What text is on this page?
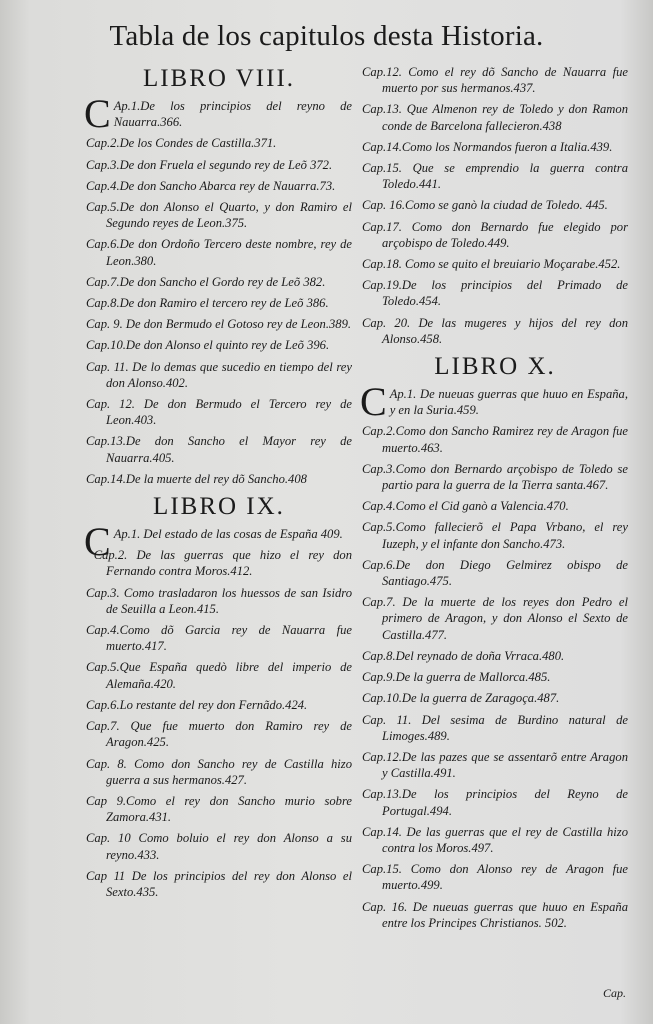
Tabla de los capitulos desta Historia.
LIBRO VIII.
C Ap.1.De los principios del reyno de Nauarra.366.
Cap.2.De los Condes de Castilla.371.
Cap.3.De don Fruela el segundo rey de Leõ 372.
Cap.4.De don Sancho Abarca rey de Nauarra.73.
Cap.5.De don Alonso el Quarto, y don Ramiro el Segundo reyes de Leon.375.
Cap.6.De don Ordoño Tercero deste nombre, rey de Leon.380.
Cap.7.De don Sancho el Gordo rey de Leõ 382.
Cap.8.De don Ramiro el tercero rey de Leõ 386.
Cap. 9. De don Bermudo el Gotoso rey de Leon.389.
Cap.10.De don Alonso el quinto rey de Leõ 396.
Cap. 11. De lo demas que sucedio en tiempo del rey don Alonso.402.
Cap. 12. De don Bermudo el Tercero rey de Leon.403.
Cap.13.De don Sancho el Mayor rey de Nauarra.405.
Cap.14.De la muerte del rey dõ Sancho.408
LIBRO IX.
C Ap.1. Del estado de las cosas de España 409.
Cap.2. De las guerras que hizo el rey don Fernando contra Moros.412.
Cap.3. Como trasladaron los huessos de san Isidro de Seuilla a Leon.415.
Cap.4.Como dõ Garcia rey de Nauarra fue muerto.417.
Cap.5.Que España quedò libre del imperio de Alemaña.420.
Cap.6.Lo restante del rey don Fernãdo.424.
Cap.7. Que fue muerto don Ramiro rey de Aragon.425.
Cap. 8. Como don Sancho rey de Castilla hizo guerra a sus hermanos.427.
Cap 9.Como el rey don Sancho murio sobre Zamora.431.
Cap. 10 Como boluio el rey don Alonso a su reyno.433.
Cap 11 De los principios del rey don Alonso el Sexto.435.
Cap.12. Como el rey dõ Sancho de Nauarra fue muerto por sus hermanos.437.
Cap.13. Que Almenon rey de Toledo y don Ramon conde de Barcelona fallecieron.438
Cap.14.Como los Normandos fueron a Italia.439.
Cap.15. Que se emprendio la guerra contra Toledo.441.
Cap. 16.Como se ganò la ciudad de Toledo. 445.
Cap.17. Como don Bernardo fue elegido por arçobispo de Toledo.449.
Cap.18. Como se quito el breuiario Moçarabe.452.
Cap.19.De los principios del Primado de Toledo.454.
Cap. 20. De las mugeres y hijos del rey don Alonso.458.
LIBRO X.
C Ap.1. De nueuas guerras que huuo en España, y en la Suria.459.
Cap.2.Como don Sancho Ramirez rey de Aragon fue muerto.463.
Cap.3.Como don Bernardo arçobispo de Toledo se partio para la guerra de la Tierra santa.467.
Cap.4.Como el Cid ganò a Valencia.470.
Cap.5.Como fallecierõ el Papa Vrbano, el rey Iuzeph, y el infante don Sancho.473.
Cap.6.De don Diego Gelmirez obispo de Santiago.475.
Cap.7. De la muerte de los reyes don Pedro el primero de Aragon, y don Alonso el Sexto de Castilla.477.
Cap.8.Del reynado de doña Vrraca.480.
Cap.9.De la guerra de Mallorca.485.
Cap.10.De la guerra de Zaragoça.487.
Cap. 11. Del sesima de Burdino natural de Limoges.489.
Cap.12.De las pazes que se assentarõ entre Aragon y Castilla.491.
Cap.13.De los principios del Reyno de Portugal.494.
Cap.14. De las guerras que el rey de Castilla hizo contra los Moros.497.
Cap.15. Como don Alonso rey de Aragon fue muerto.499.
Cap. 16. De nueuas guerras que huuo en España entre los Principes Christianos. 502.
Cap.
